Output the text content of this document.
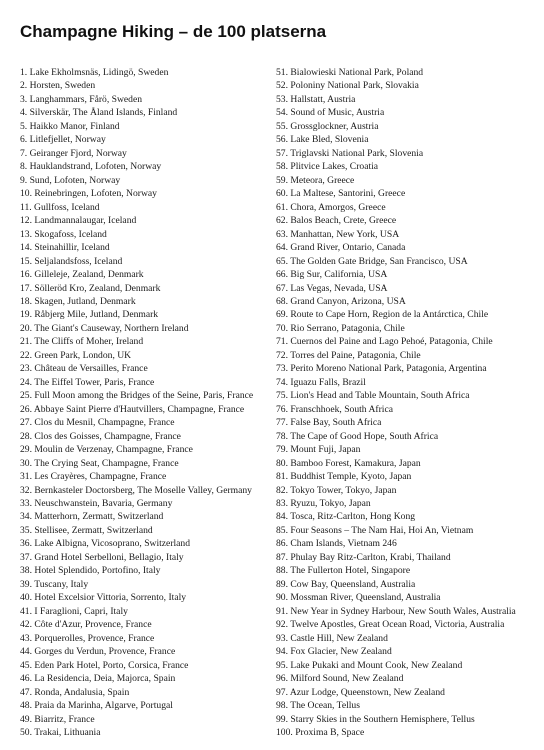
Champagne Hiking – de 100 platserna
1. Lake Ekholmsnäs, Lidingö, Sweden
2. Horsten, Sweden
3. Langhammars, Fårö, Sweden
4. Silverskär, The Åland Islands, Finland
5. Haikko Manor, Finland
6. Litlefjellet, Norway
7. Geiranger Fjord, Norway
8. Hauklandstrand, Lofoten, Norway
9. Sund, Lofoten, Norway
10. Reinebringen, Lofoten, Norway
11. Gullfoss, Iceland
12. Landmannalaugar, Iceland
13. Skogafoss, Iceland
14. Steinahillir, Iceland
15. Seljalandsfoss, Iceland
16. Gilleleje, Zealand, Denmark
17. Sölleröd Kro, Zealand, Denmark
18. Skagen, Jutland, Denmark
19. Råbjerg Mile, Jutland, Denmark
20. The Giant's Causeway, Northern Ireland
21. The Cliffs of Moher, Ireland
22. Green Park, London, UK
23. Château de Versailles, France
24. The Eiffel Tower, Paris, France
25. Full Moon among the Bridges of the Seine, Paris, France
26. Abbaye Saint Pierre d'Hautvillers, Champagne, France
27. Clos du Mesnil, Champagne, France
28. Clos des Goisses, Champagne, France
29. Moulin de Verzenay, Champagne, France
30. The Crying Seat, Champagne, France
31. Les Crayères, Champagne, France
32. Bernkasteler Doctorsberg, The Moselle Valley, Germany
33. Neuschwanstein, Bavaria, Germany
34. Matterhorn, Zermatt, Switzerland
35. Stellisee, Zermatt, Switzerland
36. Lake Albigna, Vicosoprano, Switzerland
37. Grand Hotel Serbelloni, Bellagio, Italy
38. Hotel Splendido, Portofino, Italy
39. Tuscany, Italy
40. Hotel Excelsior Vittoria, Sorrento, Italy
41. I Faraglioni, Capri, Italy
42. Côte d'Azur, Provence, France
43. Porquerolles, Provence, France
44. Gorges du Verdun, Provence, France
45. Eden Park Hotel, Porto, Corsica, France
46. La Residencia, Deia, Majorca, Spain
47. Ronda, Andalusia, Spain
48. Praia da Marinha, Algarve, Portugal
49. Biarritz, France
50. Trakai, Lithuania
51. Bialowieski National Park, Poland
52. Poloniny National Park, Slovakia
53. Hallstatt, Austria
54. Sound of Music, Austria
55. Grossglockner, Austria
56. Lake Bled, Slovenia
57. Triglavski National Park, Slovenia
58. Plitvice Lakes, Croatia
59. Meteora, Greece
60. La Maltese, Santorini, Greece
61. Chora, Amorgos, Greece
62. Balos Beach, Crete, Greece
63. Manhattan, New York, USA
64. Grand River, Ontario, Canada
65. The Golden Gate Bridge, San Francisco, USA
66. Big Sur, California, USA
67. Las Vegas, Nevada, USA
68. Grand Canyon, Arizona, USA
69. Route to Cape Horn, Region de la Antárctica, Chile
70. Rio Serrano, Patagonia, Chile
71. Cuernos del Paine and Lago Pehoé, Patagonia, Chile
72. Torres del Paine, Patagonia, Chile
73. Perito Moreno National Park, Patagonia, Argentina
74. Iguazu Falls, Brazil
75. Lion's Head and Table Mountain, South Africa
76. Franschhoek, South Africa
77. False Bay, South Africa
78. The Cape of Good Hope, South Africa
79. Mount Fuji, Japan
80. Bamboo Forest, Kamakura, Japan
81. Buddhist Temple, Kyoto, Japan
82. Tokyo Tower, Tokyo, Japan
83. Ryuzu, Tokyo, Japan
84. Tosca, Ritz-Carlton, Hong Kong
85. Four Seasons – The Nam Hai, Hoi An, Vietnam
86. Cham Islands, Vietnam 246
87. Phulay Bay Ritz-Carlton, Krabi, Thailand
88. The Fullerton Hotel, Singapore
89. Cow Bay, Queensland, Australia
90. Mossman River, Queensland, Australia
91. New Year in Sydney Harbour, New South Wales, Australia
92. Twelve Apostles, Great Ocean Road, Victoria, Australia
93. Castle Hill, New Zealand
94. Fox Glacier, New Zealand
95. Lake Pukaki and Mount Cook, New Zealand
96. Milford Sound, New Zealand
97. Azur Lodge, Queenstown, New Zealand
98. The Ocean, Tellus
99. Starry Skies in the Southern Hemisphere, Tellus
100. Proxima B, Space
